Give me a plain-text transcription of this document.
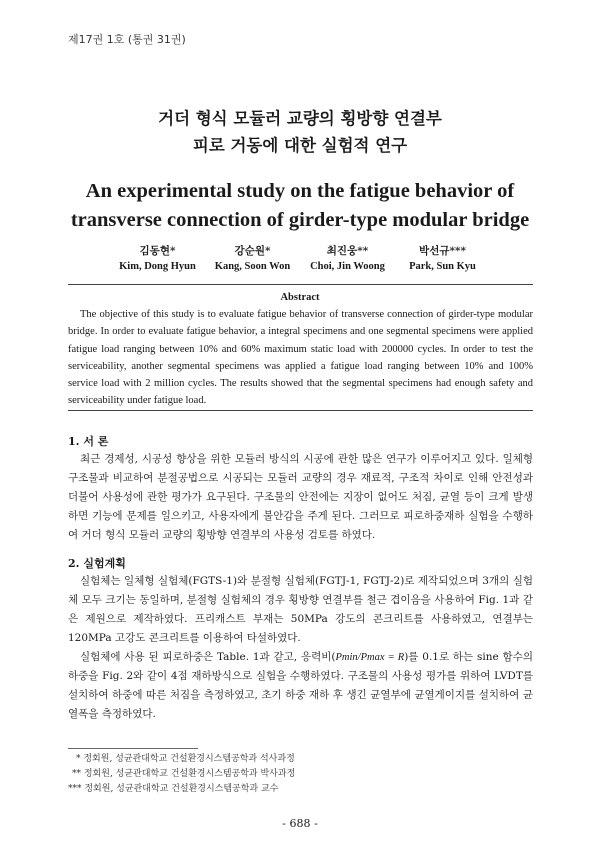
제17권 1호 (통권 31권)
거더 형식 모듈러 교량의 횡방향 연결부
피로 거동에 대한 실험적 연구
An experimental study on the fatigue behavior of
transverse connection of girder-type modular bridge
김동현*
Kim, Dong Hyun
강순원*
Kang, Soon Won
최진웅**
Choi, Jin Woong
박선규***
Park, Sun Kyu
Abstract

The objective of this study is to evaluate fatigue behavior of transverse connection of girder-type modular bridge. In order to evaluate fatigue behavior, a integral specimens and one segmental specimens were applied fatigue load ranging between 10% and 60% maximum static load with 200000 cycles. In order to test the serviceability, another segmental specimens was applied a fatigue load ranging between 10% and 100% service load with 2 million cycles. The results showed that the segmental specimens had enough safety and serviceability under fatigue load.

1. 서 론

최근 경제성, 시공성 향상을 위한 모듈러 방식의 시공에 관한 많은 연구가 이루어지고 있다. 일체형 구조물과 비교하여 분절공법으로 시공되는 모듈러 교량의 경우 재료적, 구조적 차이로 인해 안전성과 더불어 사용성에 관한 평가가 요구된다. 구조물의 안전에는 지장이 없어도 처짐, 균열 등이 크게 발생하면 기능에 문제를 일으키고, 사용자에게 불안감을 주게 된다. 그러므로 피로하중재하 실험을 수행하여 거더 형식 모듈러 교량의 횡방향 연결부의 사용성 검토를 하였다.

2. 실험계획

실험체는 일체형 실험체(FGTS-1)와 분절형 실험체(FGTJ-1, FGTJ-2)로 제작되었으며 3개의 실험체 모두 크기는 동일하며, 분절형 실험체의 경우 횡방향 연결부를 철근 겹이음을 사용하여 Fig. 1과 같은 제원으로 제작하였다. 프리캐스트 부재는 50MPa 강도의 콘크리트를 사용하였고, 연결부는 120MPa 고강도 콘크리트를 이용하여 타설하였다.

실험체에 사용 된 피로하중은 Table. 1과 같고, 응력비(Pmin/Pmax = R)를 0.1로 하는 sine 함수의 하중을 Fig. 2와 같이 4점 재하방식으로 실험을 수행하였다. 구조물의 사용성 평가를 위하여 LVDT를 설치하여 하중에 따른 처짐을 측정하였고, 초기 하중 재하 후 생긴 균열부에 균열게이지를 설치하여 균열폭을 측정하였다.

* 정회원, 성균관대학교 건설환경시스템공학과 석사과정
** 정회원, 성균관대학교 건설환경시스템공학과 박사과정
*** 정회원, 성균관대학교 건설환경시스템공학과 교수
- 688 -
